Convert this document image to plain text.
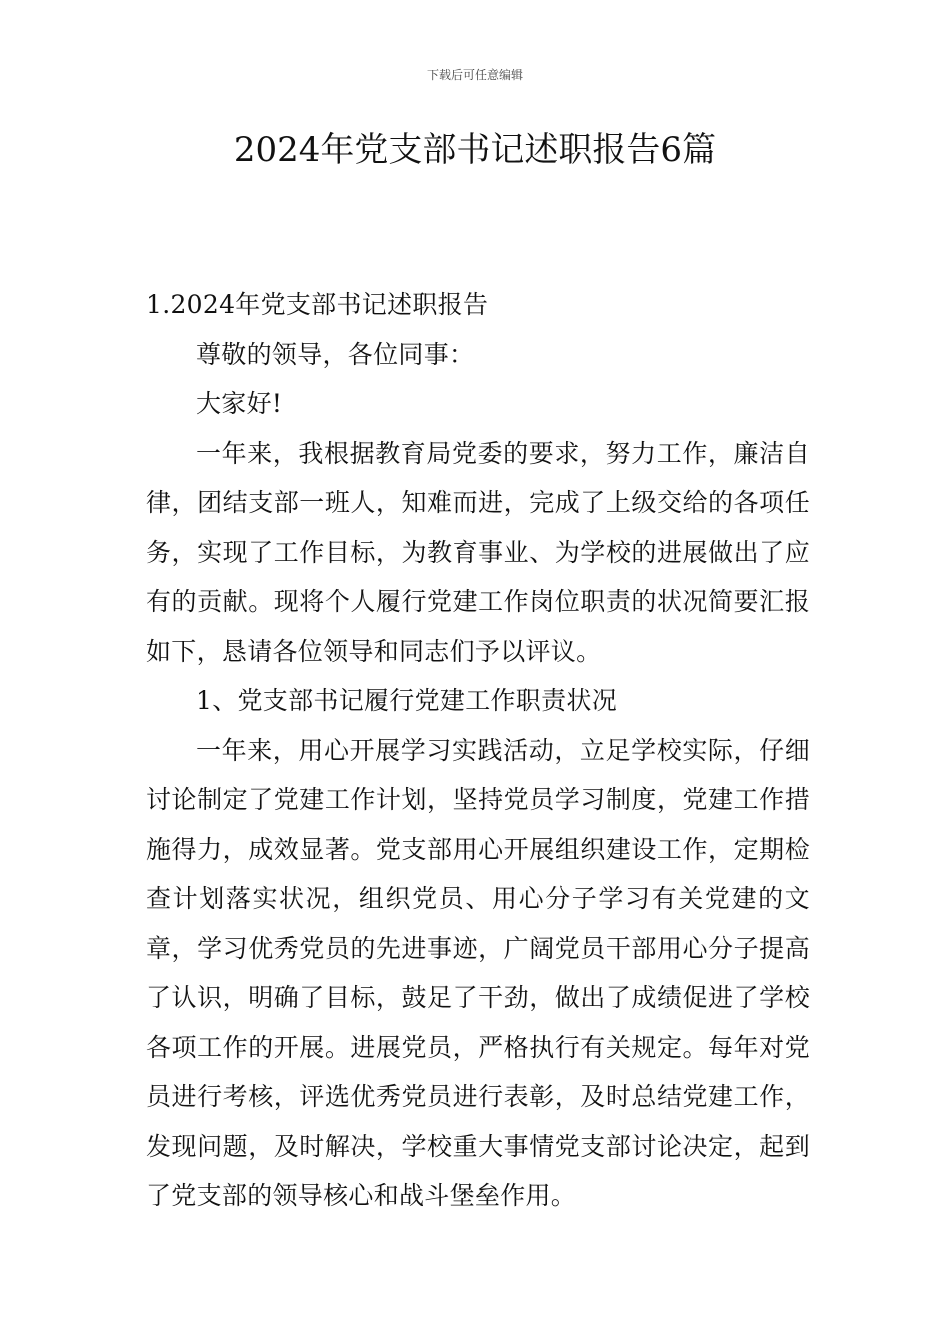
下载后可任意编辑
2024年党支部书记述职报告6篇

1.2024年党支部书记述职报告

尊敬的领导，各位同事：

大家好!

一年来，我根据教育局党委的要求，努力工作，廉洁自律，团结支部一班人，知难而进，完成了上级交给的各项任务，实现了工作目标，为教育事业、为学校的进展做出了应有的贡献。现将个人履行党建工作岗位职责的状况简要汇报如下，恳请各位领导和同志们予以评议。

1、党支部书记履行党建工作职责状况

一年来，用心开展学习实践活动，立足学校实际，仔细讨论制定了党建工作计划，坚持党员学习制度，党建工作措施得力，成效显著。党支部用心开展组织建设工作，定期检查计划落实状况，组织党员、用心分子学习有关党建的文章，学习优秀党员的先进事迹，广阔党员干部用心分子提高了认识，明确了目标，鼓足了干劲，做出了成绩促进了学校各项工作的开展。进展党员，严格执行有关规定。每年对党员进行考核，评选优秀党员进行表彰，及时总结党建工作，发现问题，及时解决，学校重大事情党支部讨论决定，起到了党支部的领导核心和战斗堡垒作用。
